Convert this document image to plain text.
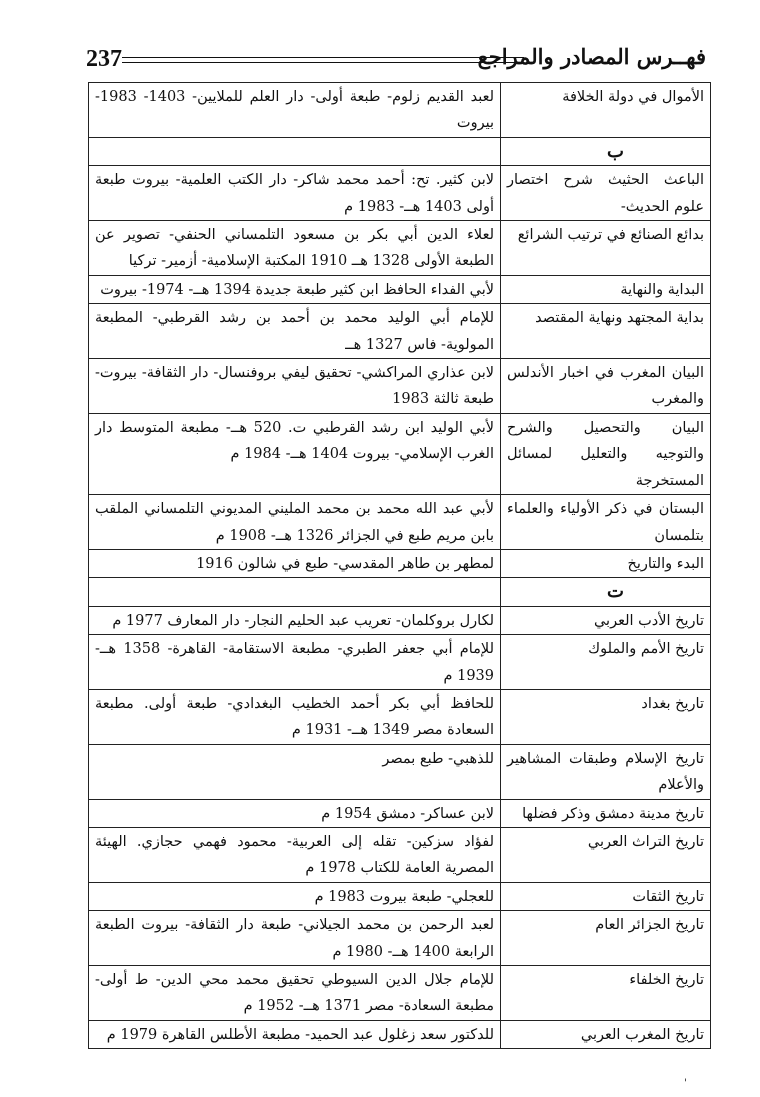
237	فهــرس المصادر والمراجع
الأموال في دولة الخلافة	لعبد القديم زلوم- طبعة أولى- دار العلم للملايين- 1403- 1983- بيروت
ب	
الباعث الحثيث شرح اختصار علوم الحديث-	لابن كثير. تح: أحمد محمد شاكر- دار الكتب العلمية- بيروت طبعة أولى 1403 هــ- 1983 م
بدائع الصنائع في ترتيب الشرائع	لعلاء الدين أبي بكر بن مسعود التلمساني الحنفي- تصوير عن الطبعة الأولى 1328 هــ 1910 المكتبة الإسلامية- أزمير- تركيا
البداية والنهاية	لأبي الفداء الحافظ ابن كثير طبعة جديدة 1394 هــ- 1974- بيروت
بداية المجتهد ونهاية المقتصد	للإمام أبي الوليد محمد بن أحمد بن رشد القرطبي- المطبعة المولوية- فاس 1327 هــ
البيان المغرب في اخبار الأندلس والمغرب	لابن عذاري المراكشي- تحقيق ليفي بروفنسال- دار الثقافة- بيروت- طبعة ثالثة 1983
البيان والتحصيل والشرح والتوجيه والتعليل لمسائل المستخرجة	لأبي الوليد ابن رشد القرطبي ت. 520 هــ- مطبعة المتوسط دار الغرب الإسلامي- بيروت 1404 هــ- 1984 م
البستان في ذكر الأولياء والعلماء بتلمسان	لأبي عبد الله محمد بن محمد المليني المديوني التلمساني الملقب بابن مريم طبع في الجزائر 1326 هــ- 1908 م
البدء والتاريخ	لمطهر بن طاهر المقدسي- طبع في شالون 1916
ت	
تاريخ الأدب العربي	لكارل بروكلمان- تعريب عبد الحليم النجار- دار المعارف 1977 م
تاريخ الأمم والملوك	للإمام أبي جعفر الطبري- مطبعة الاستقامة- القاهرة- 1358 هــ- 1939 م
تاريخ بغداد	للحافظ أبي بكر أحمد الخطيب البغدادي- طبعة أولى. مطبعة السعادة مصر 1349 هــ- 1931 م
تاريخ الإسلام وطبقات المشاهير والأعلام	للذهبي- طبع بمصر
تاريخ مدينة دمشق وذكر فضلها	لابن عساكر- دمشق 1954 م
تاريخ التراث العربي	لفؤاد سزكين- تقله إلى العربية- محمود فهمي حجازي. الهيئة المصرية العامة للكتاب 1978 م
تاريخ الثقات	للعجلي- طبعة بيروت 1983 م
تاريخ الجزائر العام	لعبد الرحمن بن محمد الجيلاني- طبعة دار الثقافة- بيروت الطبعة الرابعة 1400 هــ- 1980 م
تاريخ الخلفاء	للإمام جلال الدين السيوطي تحقيق محمد محي الدين- ط أولى- مطبعة السعادة- مصر 1371 هــ- 1952 م
تاريخ المغرب العربي	للدكتور سعد زغلول عبد الحميد- مطبعة الأطلس القاهرة 1979 م
'
